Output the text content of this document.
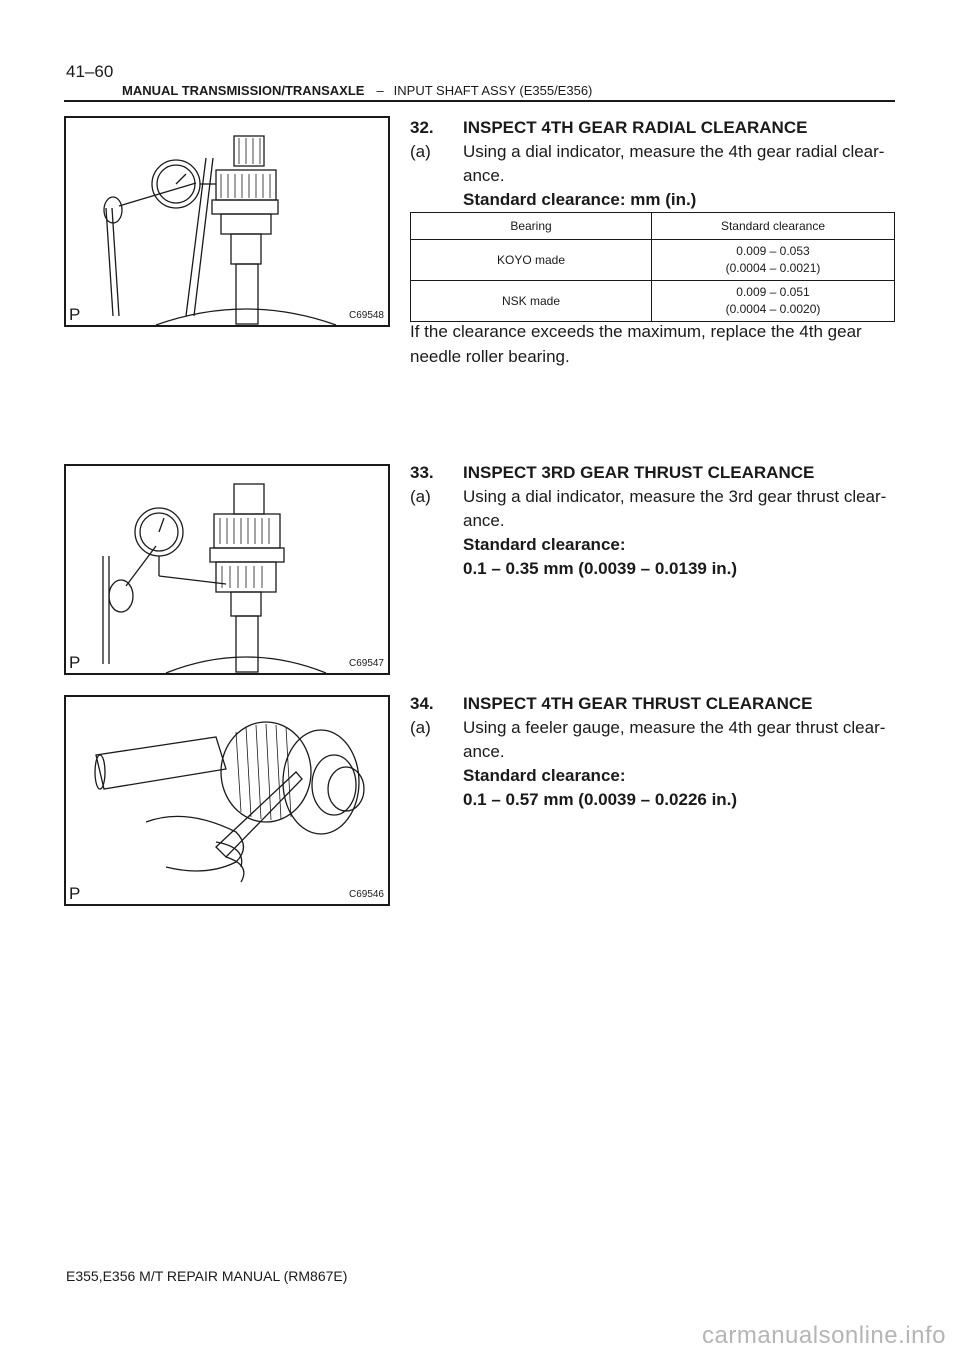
41–60
MANUAL TRANSMISSION/TRANSAXLE – INPUT SHAFT ASSY (E355/E356)
P	C69548
P	C69547
P	C69546
32. INSPECT 4TH GEAR RADIAL CLEARANCE
(a) Using a dial indicator, measure the 4th gear radial clear-
ance.
Standard clearance: mm (in.)
Bearing	Standard clearance
KOYO made	0.009 – 0.053
(0.0004 – 0.0021)

NSK made	0.009 – 0.051
(0.0004 – 0.0020)
If the clearance exceeds the maximum, replace the 4th gear
needle roller bearing.
33. INSPECT 3RD GEAR THRUST CLEARANCE
(a) Using a dial indicator, measure the 3rd gear thrust clear-
ance.
Standard clearance:
0.1 – 0.35 mm (0.0039 – 0.0139 in.)
34. INSPECT 4TH GEAR THRUST CLEARANCE
(a) Using a feeler gauge, measure the 4th gear thrust clear-
ance.
Standard clearance:
0.1 – 0.57 mm (0.0039 – 0.0226 in.)
E355,E356 M/T REPAIR MANUAL (RM867E)
carmanualsonline.info
